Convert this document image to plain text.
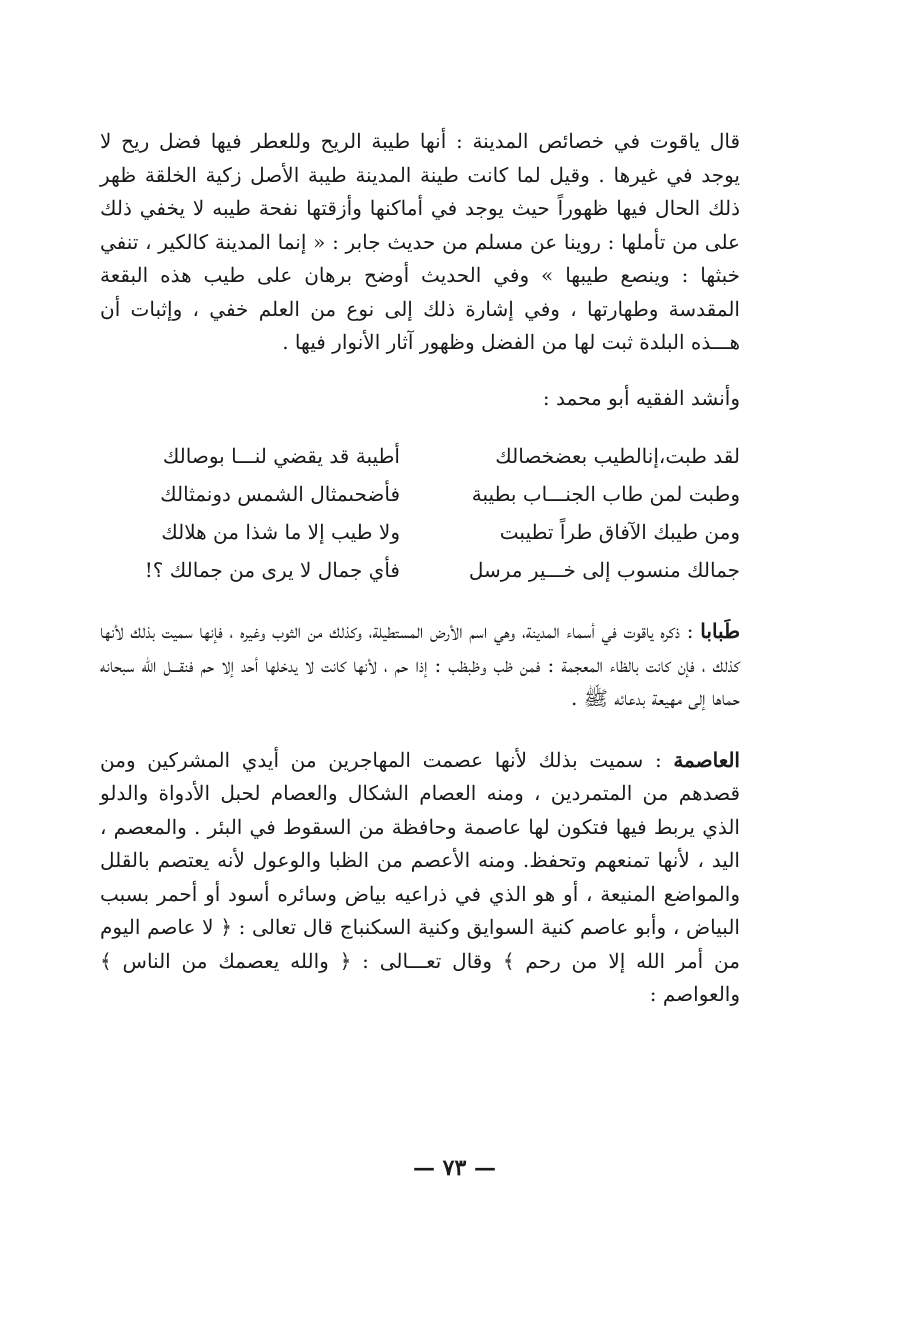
قال ياقوت في خصائص المدينة : أنها طيبة الريح وللعطر فيها فضل ريح لا يوجد في غيرها . وقيل لما كانت طينة المدينة طيبة الأصل زكية الخلقة ظهر ذلك الحال فيها ظهوراً حيث يوجد في أماكنها وأزقتها نفحة طيبه لا يخفي ذلك على من تأملها : روينا عن مسلم من حديث جابر : « إنما المدينة كالكير ، تنفي خبثها : وينصع طيبها » وفي الحديث أوضح برهان على طيب هذه البقعة المقدسة وطهارتها ، وفي إشارة ذلك إلى نوع من العلم خفي ، وإثبات أن هـــذه البلدة ثبت لها من الفضل وظهور آثار الأنوار فيها .

وأنشد الفقيه أبو محمد :

لقد طبت،إنالطيب بعضخصالك
أطيبة قد يقضي لنـــا بوصالك
وطبت لمن طاب الجنـــاب بطيبة
فأضحىمثال الشمس دونمثالك
ومن طيبك الآفاق طراً تطيبت
ولا طيب إلا ما شذا من هلالك
جمالك منسوب إلى خـــير مرسل
فأي جمال لا يرى من جمالك ؟!

طَبابا : ذكره ياقوت في أسماء المدينة، وهي اسم الأرض المستطيلة، وكذلك من الثوب وغيره ، فإنها سميت بذلك لأنها كذلك ، فإن كانت بالظاء المعجمة : فمن ظب وظبظب : إذا حم ، لأنها كانت لا يدخلها أحد إلا حم فنقـــل الله سبحانه حماها إلى مهيعة بدعائه ﷺ .

العاصمة : سميت بذلك لأنها عصمت المهاجرين من أيدي المشركين ومن قصدهم من المتمردين ، ومنه العصام الشكال والعصام لحبل الأدواة والدلو الذي يربط فيها فتكون لها عاصمة وحافظة من السقوط في البئر . والمعصم ، اليد ، لأنها تمنعهم وتحفظ. ومنه الأعصم من الظبا والوعول لأنه يعتصم بالقلل والمواضع المنيعة ، أو هو الذي في ذراعيه بياض وسائره أسود أو أحمر بسبب البياض ، وأبو عاصم كنية السوايق وكنية السكنباج قال تعالى : ﴿ لا عاصم اليوم من أمر الله إلا من رحم ﴾ وقال تعـــالى : ﴿ والله يعصمك من الناس ﴾ والعواصم :

— ٧٣ —
